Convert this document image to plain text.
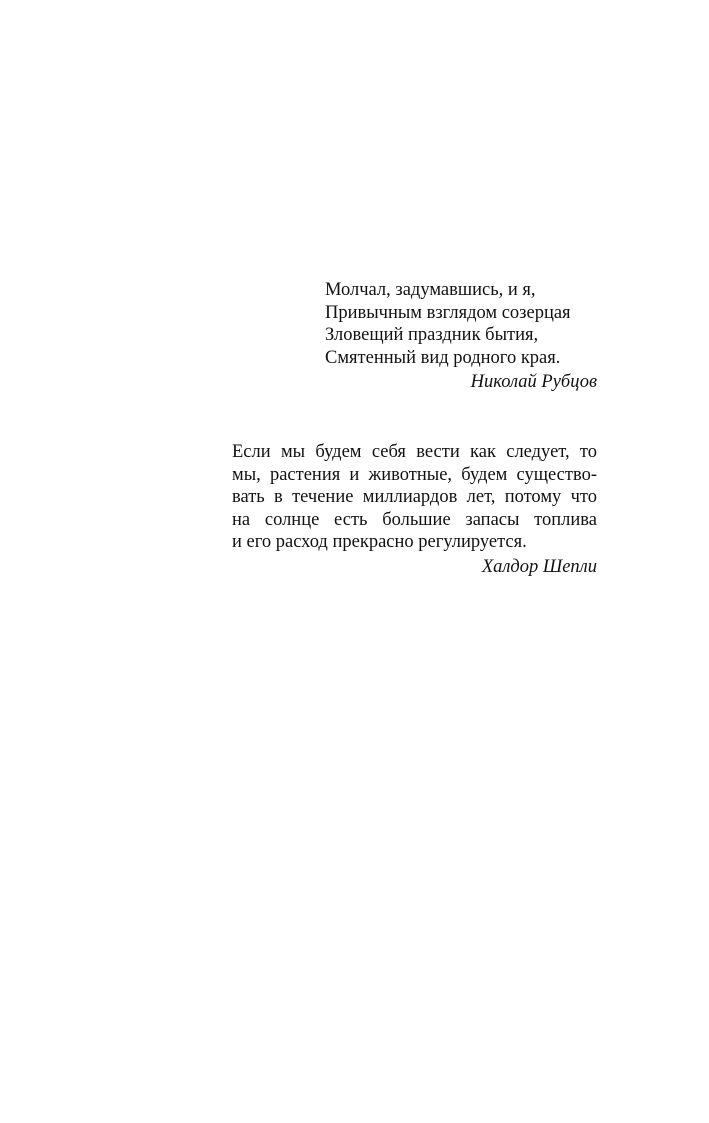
Молчал, задумавшись, и я,
Привычным взглядом созерцая
Зловещий праздник бытия,
Смятенный вид родного края.
Николай Рубцов

Если мы будем себя вести как следует, то
мы, растения и животные, будем существо-
вать в течение миллиардов лет, потому что
на солнце есть большие запасы топлива
и его расход прекрасно регулируется.

Халдор Шепли
